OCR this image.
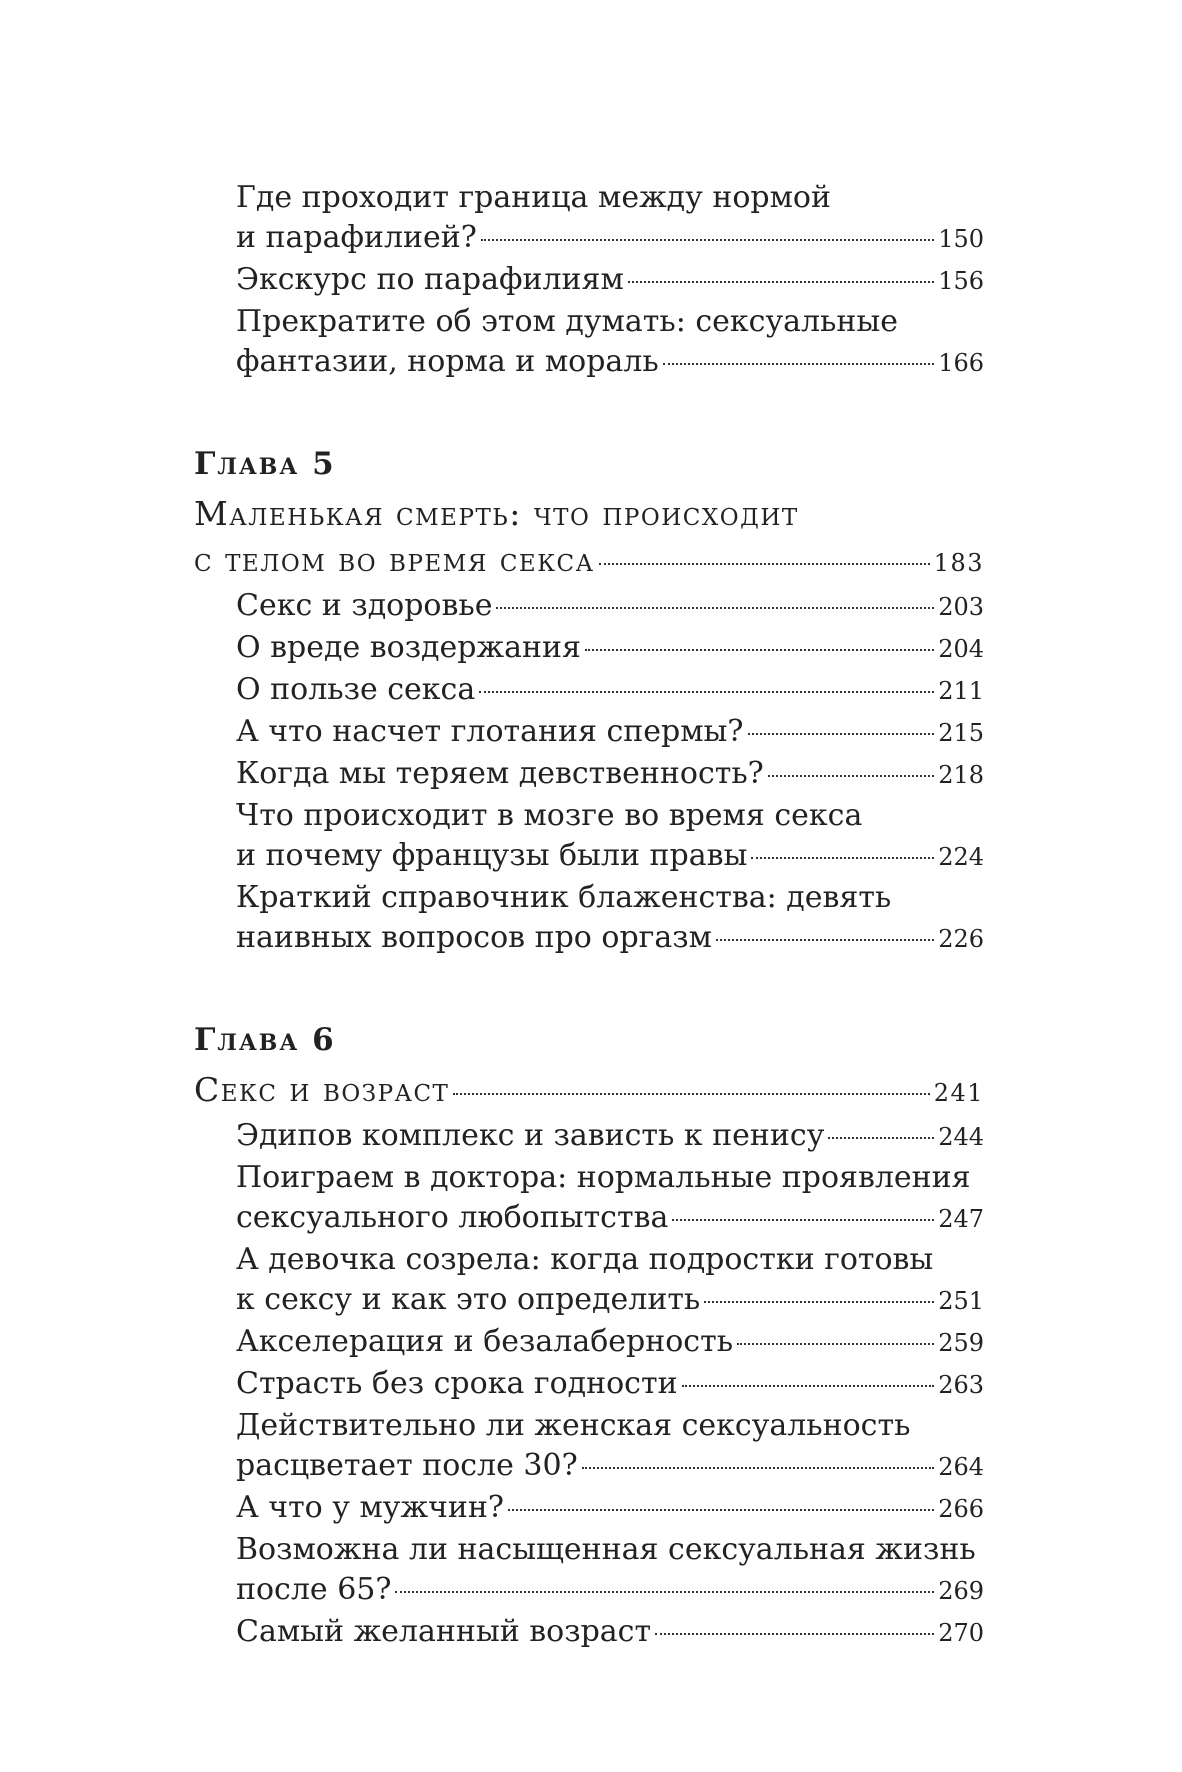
Где проходит граница между нормой
и парафилией?	150
Экскурс по парафилиям	156
Прекратите об этом думать: сексуальные
фантазии, норма и мораль	166
Глава 5
Маленькая смерть: что происходит
с телом во время секса	183
Секс и здоровье	203
О вреде воздержания	204
О пользе секса	211
А что насчет глотания спермы?	215
Когда мы теряем девственность?	218
Что происходит в мозге во время секса
и почему французы были правы	224
Краткий справочник блаженства: девять
наивных вопросов про оргазм	226
Глава 6
Секс и возраст	241
Эдипов комплекс и зависть к пенису	244
Поиграем в доктора: нормальные проявления
сексуального любопытства	247
А девочка созрела: когда подростки готовы
к сексу и как это определить	251
Акселерация и безалаберность	259
Страсть без срока годности	263
Действительно ли женская сексуальность
расцветает после 30?	264
А что у мужчин?	266
Возможна ли насыщенная сексуальная жизнь
после 65?	269
Самый желанный возраст	270
